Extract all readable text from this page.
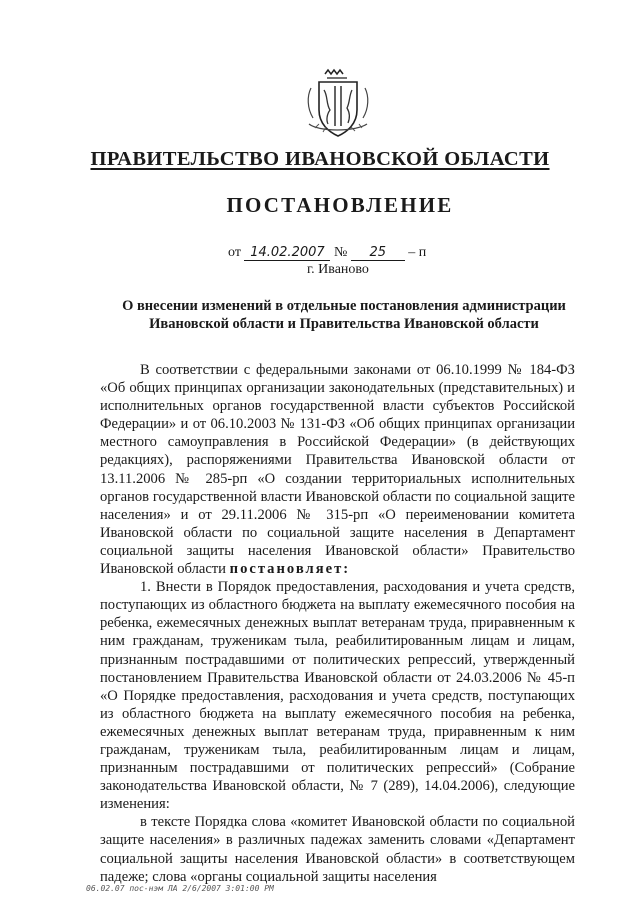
ПРАВИТЕЛЬСТВО ИВАНОВСКОЙ ОБЛАСТИ
ПОСТАНОВЛЕНИЕ
от 14.02.2007 № 25 – п
г. Иваново
О внесении изменений в отдельные постановления администрации
Ивановской области и Правительства Ивановской области

В соответствии с федеральными законами от 06.10.1999 № 184-ФЗ «Об общих принципах организации законодательных (представительных) и исполнительных органов государственной власти субъектов Российской Федерации» и от 06.10.2003 № 131-ФЗ «Об общих принципах организации местного самоуправления в Российской Федерации» (в действующих редакциях), распоряжениями Правительства Ивановской области от 13.11.2006 № 285-рп «О создании территориальных исполнительных органов государственной власти Ивановской области по социальной защите населения» и от 29.11.2006 № 315-рп «О переименовании комитета Ивановской области по социальной защите населения в Департамент социальной защиты населения Ивановской области» Правительство Ивановской области постановляет:

1. Внести в Порядок предоставления, расходования и учета средств, поступающих из областного бюджета на выплату ежемесячного пособия на ребенка, ежемесячных денежных выплат ветеранам труда, приравненным к ним гражданам, труженикам тыла, реабилитированным лицам и лицам, признанным пострадавшими от политических репрессий, утвержденный постановлением Правительства Ивановской области от 24.03.2006 № 45-п «О Порядке предоставления, расходования и учета средств, поступающих из областного бюджета на выплату ежемесячного пособия на ребенка, ежемесячных денежных выплат ветеранам труда, приравненным к ним гражданам, труженикам тыла, реабилитированным лицам и лицам, признанным пострадавшими от политических репрессий» (Собрание законодательства Ивановской области, № 7 (289), 14.04.2006), следующие изменения:

в тексте Порядка слова «комитет Ивановской области по социальной защите населения» в различных падежах заменить словами «Департамент социальной защиты населения Ивановской области» в соответствующем падеже; слова «органы социальной защиты населения

06.02.07 пос-нэм ЛА 2/6/2007 3:01:00 PM
